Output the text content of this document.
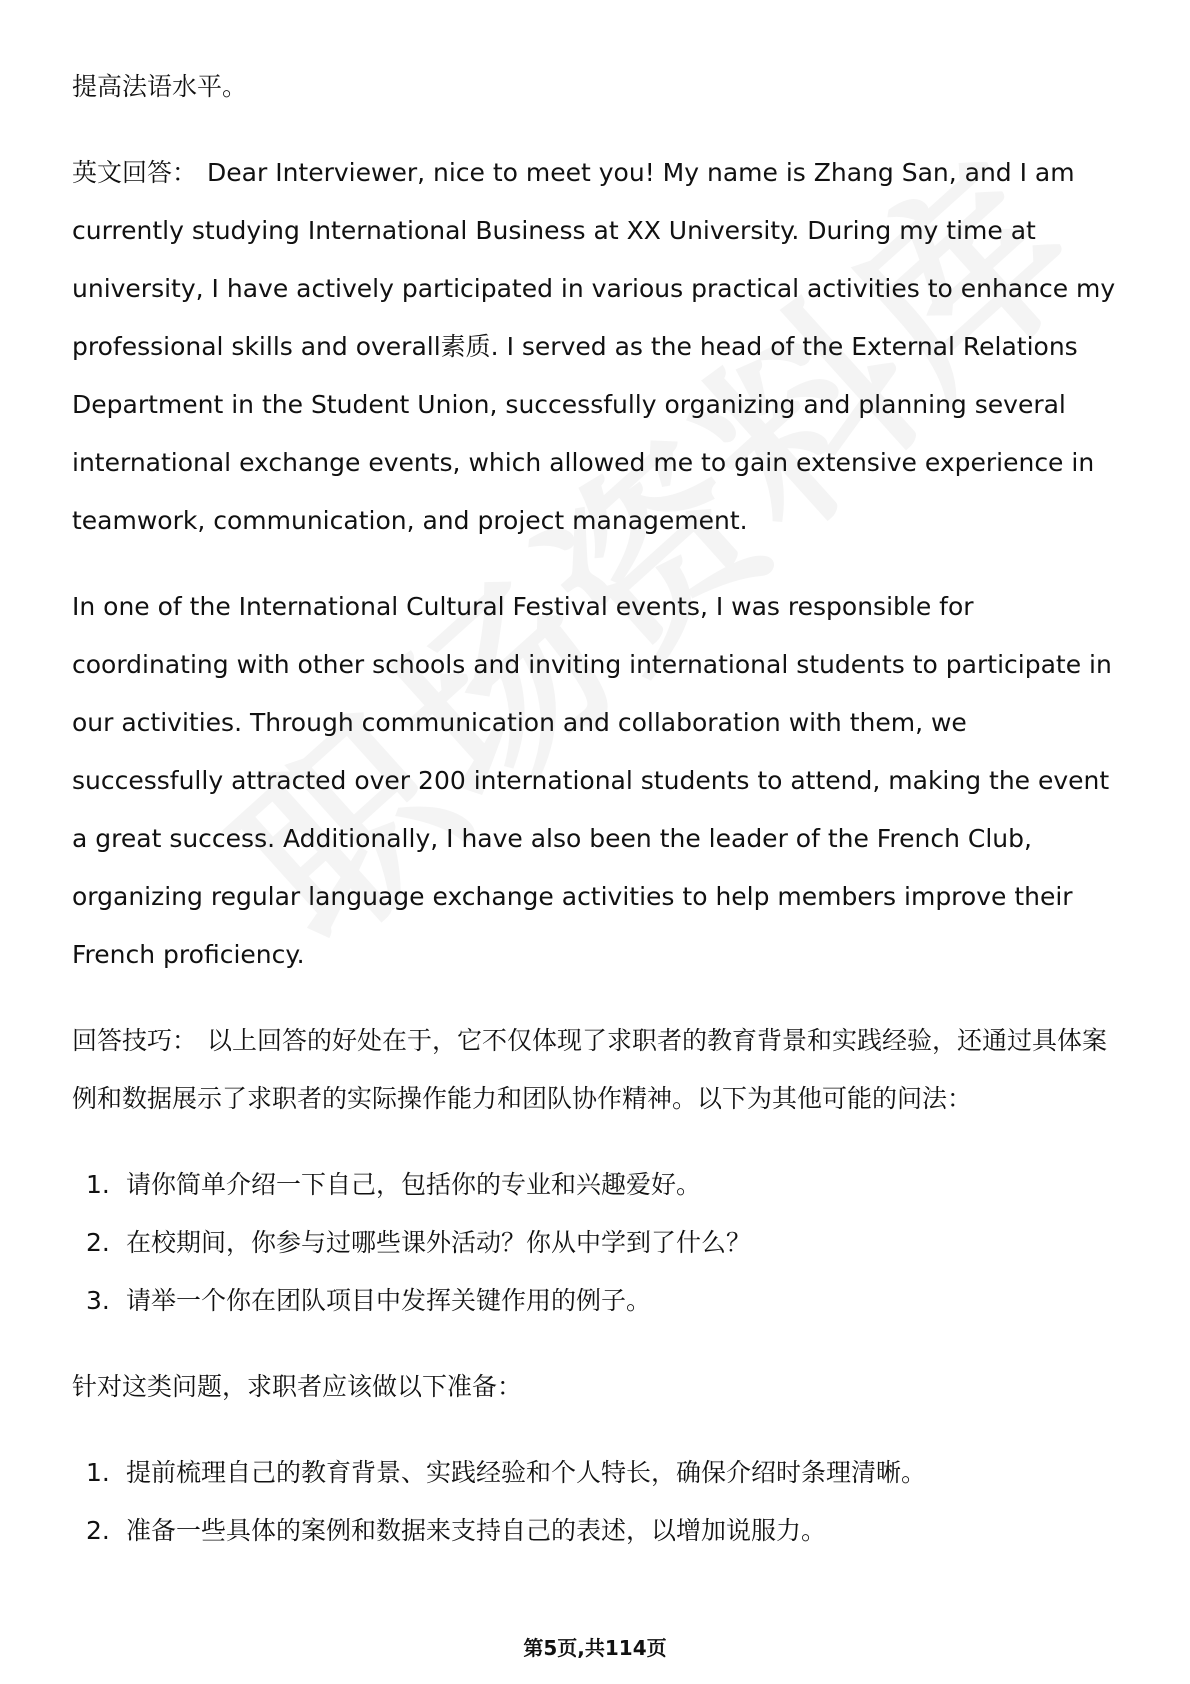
提高法语水平。

英文回答： Dear Interviewer, nice to meet you! My name is Zhang San, and I am currently studying International Business at XX University. During my time at university, I have actively participated in various practical activities to enhance my professional skills and overall素质. I served as the head of the External Relations Department in the Student Union, successfully organizing and planning several international exchange events, which allowed me to gain extensive experience in teamwork, communication, and project management.

In one of the International Cultural Festival events, I was responsible for coordinating with other schools and inviting international students to participate in our activities. Through communication and collaboration with them, we successfully attracted over 200 international students to attend, making the event a great success. Additionally, I have also been the leader of the French Club, organizing regular language exchange activities to help members improve their French proficiency.

回答技巧： 以上回答的好处在于，它不仅体现了求职者的教育背景和实践经验，还通过具体案例和数据展示了求职者的实际操作能力和团队协作精神。以下为其他可能的问法：

1. 请你简单介绍一下自己，包括你的专业和兴趣爱好。
2. 在校期间，你参与过哪些课外活动？你从中学到了什么？
3. 请举一个你在团队项目中发挥关键作用的例子。

针对这类问题，求职者应该做以下准备：

1. 提前梳理自己的教育背景、实践经验和个人特长，确保介绍时条理清晰。
2. 准备一些具体的案例和数据来支持自己的表述，以增加说服力。
第5页,共114页
